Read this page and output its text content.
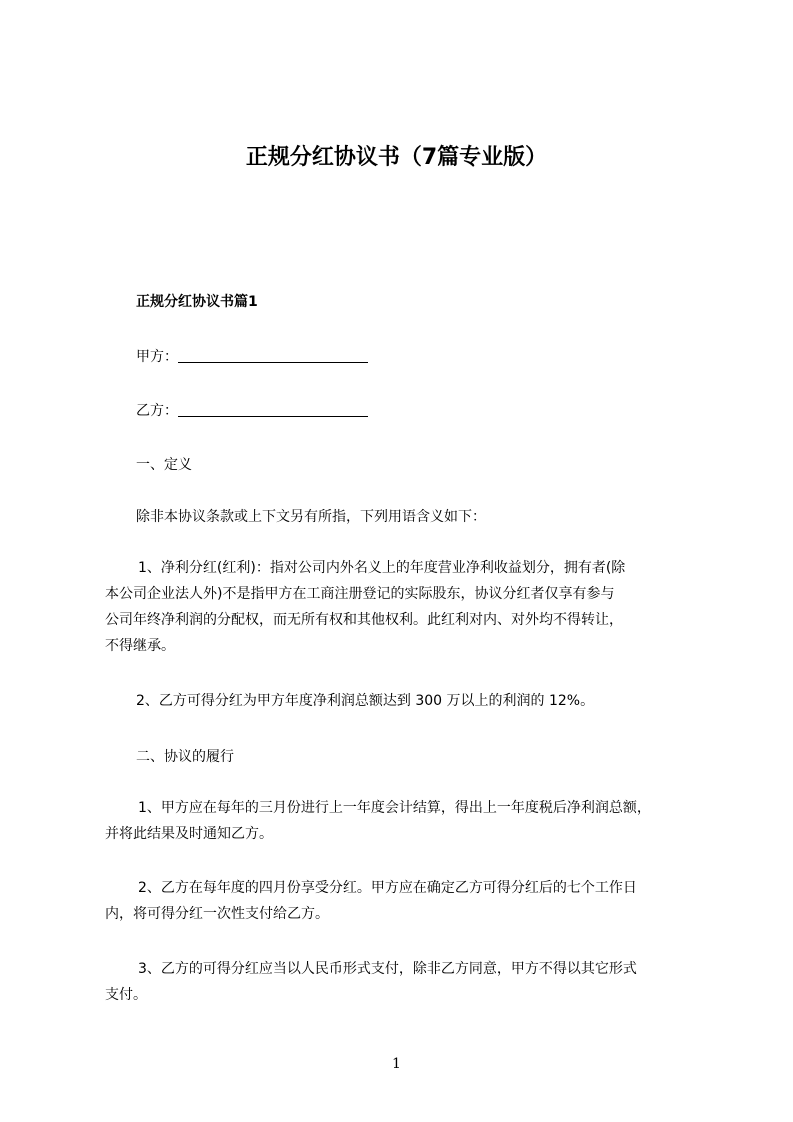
正规分红协议书（7篇专业版）
正规分红协议书篇1
甲方：
乙方：
一、定义
除非本协议条款或上下文另有所指，下列用语含义如下：
1、净利分红(红利)：指对公司内外名义上的年度营业净利收益划分，拥有者(除
本公司企业法人外)不是指甲方在工商注册登记的实际股东，协议分红者仅享有参与
公司年终净利润的分配权，而无所有权和其他权利。此红利对内、对外均不得转让，
不得继承。
2、乙方可得分红为甲方年度净利润总额达到 300 万以上的利润的 12%。
二、协议的履行
1、甲方应在每年的三月份进行上一年度会计结算，得出上一年度税后净利润总额，
并将此结果及时通知乙方。
2、乙方在每年度的四月份享受分红。甲方应在确定乙方可得分红后的七个工作日
内，将可得分红一次性支付给乙方。
3、乙方的可得分红应当以人民币形式支付，除非乙方同意，甲方不得以其它形式
支付。
1
